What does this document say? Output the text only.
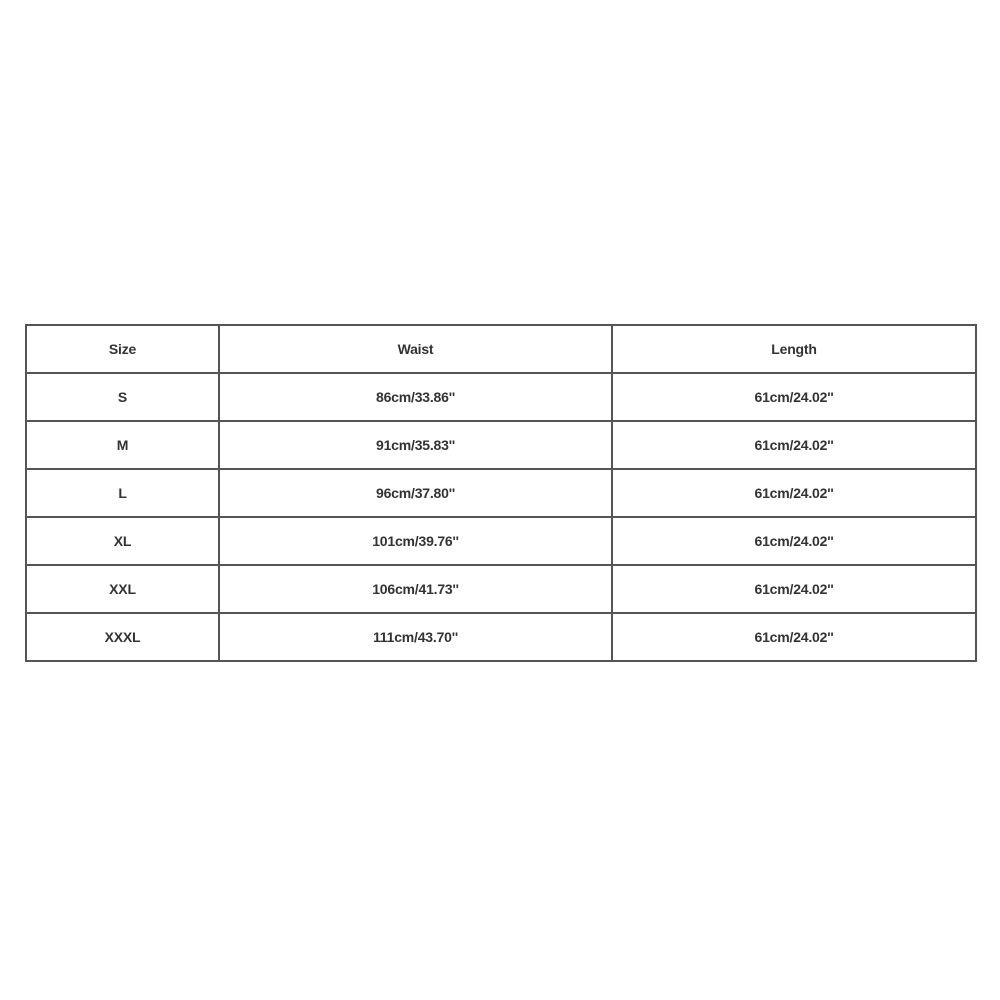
Size	Waist	Length
S	86cm/33.86''	61cm/24.02''
M	91cm/35.83''	61cm/24.02''
L	96cm/37.80''	61cm/24.02''
XL	101cm/39.76''	61cm/24.02''
XXL	106cm/41.73''	61cm/24.02''
XXXL	111cm/43.70''	61cm/24.02''
